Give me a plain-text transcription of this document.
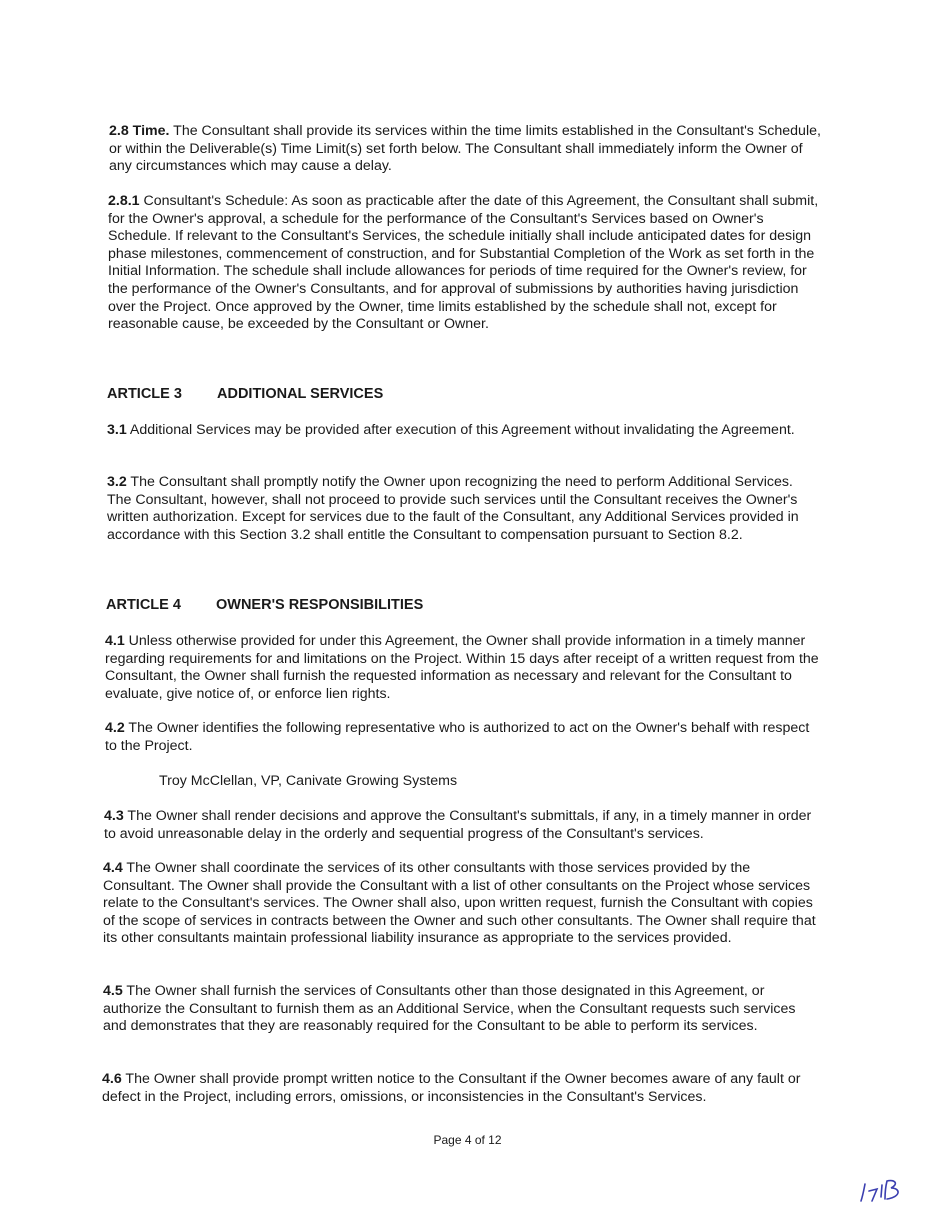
2.8 Time. The Consultant shall provide its services within the time limits established in the Consultant's Schedule, or within the Deliverable(s) Time Limit(s) set forth below. The Consultant shall immediately inform the Owner of any circumstances which may cause a delay.

2.8.1 Consultant's Schedule: As soon as practicable after the date of this Agreement, the Consultant shall submit, for the Owner's approval, a schedule for the performance of the Consultant's Services based on Owner's Schedule. If relevant to the Consultant's Services, the schedule initially shall include anticipated dates for design phase milestones, commencement of construction, and for Substantial Completion of the Work as set forth in the Initial Information. The schedule shall include allowances for periods of time required for the Owner's review, for the performance of the Owner's Consultants, and for approval of submissions by authorities having jurisdiction over the Project. Once approved by the Owner, time limits established by the schedule shall not, except for reasonable cause, be exceeded by the Consultant or Owner.

ARTICLE 3 ADDITIONAL SERVICES

3.1 Additional Services may be provided after execution of this Agreement without invalidating the Agreement.

3.2 The Consultant shall promptly notify the Owner upon recognizing the need to perform Additional Services. The Consultant, however, shall not proceed to provide such services until the Consultant receives the Owner's written authorization. Except for services due to the fault of the Consultant, any Additional Services provided in accordance with this Section 3.2 shall entitle the Consultant to compensation pursuant to Section 8.2.

ARTICLE 4 OWNER'S RESPONSIBILITIES

4.1 Unless otherwise provided for under this Agreement, the Owner shall provide information in a timely manner regarding requirements for and limitations on the Project. Within 15 days after receipt of a written request from the Consultant, the Owner shall furnish the requested information as necessary and relevant for the Consultant to evaluate, give notice of, or enforce lien rights.

4.2 The Owner identifies the following representative who is authorized to act on the Owner's behalf with respect to the Project.

Troy McClellan, VP, Canivate Growing Systems

4.3 The Owner shall render decisions and approve the Consultant's submittals, if any, in a timely manner in order to avoid unreasonable delay in the orderly and sequential progress of the Consultant's services.

4.4 The Owner shall coordinate the services of its other consultants with those services provided by the Consultant. The Owner shall provide the Consultant with a list of other consultants on the Project whose services relate to the Consultant's services. The Owner shall also, upon written request, furnish the Consultant with copies of the scope of services in contracts between the Owner and such other consultants. The Owner shall require that its other consultants maintain professional liability insurance as appropriate to the services provided.

4.5 The Owner shall furnish the services of Consultants other than those designated in this Agreement, or authorize the Consultant to furnish them as an Additional Service, when the Consultant requests such services and demonstrates that they are reasonably required for the Consultant to be able to perform its services.

4.6 The Owner shall provide prompt written notice to the Consultant if the Owner becomes aware of any fault or defect in the Project, including errors, omissions, or inconsistencies in the Consultant's Services.

Page 4 of 12
